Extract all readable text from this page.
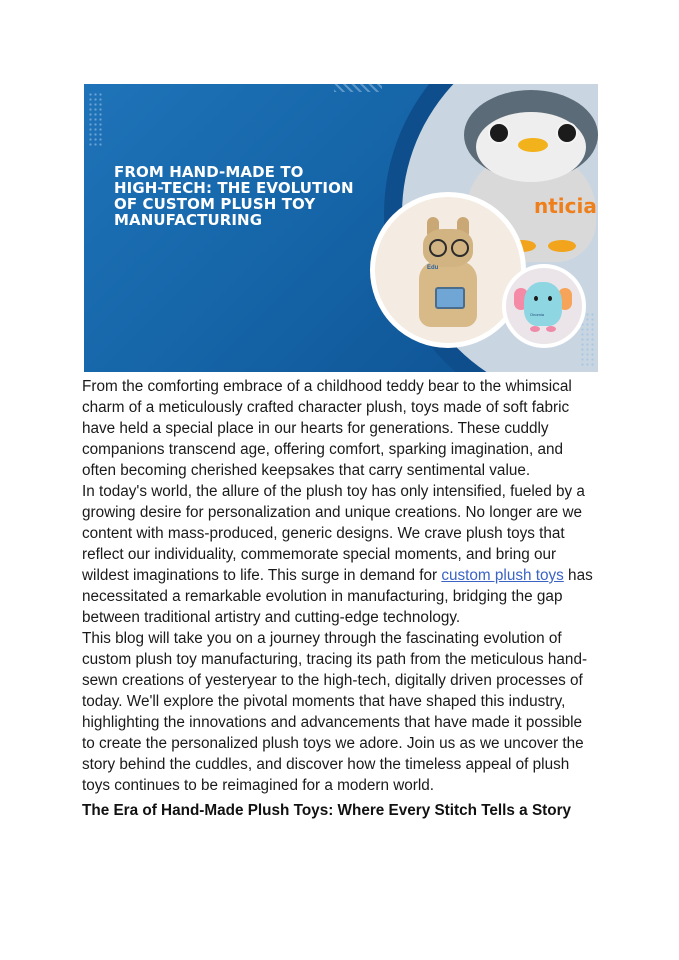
FROM HAND-MADE TO HIGH-TECH: THE EVOLUTION OF CUSTOM PLUSH TOY MANUFACTURING
nticia
Edu
Onomia

From the comforting embrace of a childhood teddy bear to the whimsical charm of a meticulously crafted character plush, toys made of soft fabric have held a special place in our hearts for generations. These cuddly companions transcend age, offering comfort, sparking imagination, and often becoming cherished keepsakes that carry sentimental value.

In today's world, the allure of the plush toy has only intensified, fueled by a growing desire for personalization and unique creations. No longer are we content with mass-produced, generic designs. We crave plush toys that reflect our individuality, commemorate special moments, and bring our wildest imaginations to life. This surge in demand for custom plush toys has necessitated a remarkable evolution in manufacturing, bridging the gap between traditional artistry and cutting-edge technology.

This blog will take you on a journey through the fascinating evolution of custom plush toy manufacturing, tracing its path from the meticulous hand-sewn creations of yesteryear to the high-tech, digitally driven processes of today. We'll explore the pivotal moments that have shaped this industry, highlighting the innovations and advancements that have made it possible to create the personalized plush toys we adore. Join us as we uncover the story behind the cuddles, and discover how the timeless appeal of plush toys continues to be reimagined for a modern world.

The Era of Hand-Made Plush Toys: Where Every Stitch Tells a Story
